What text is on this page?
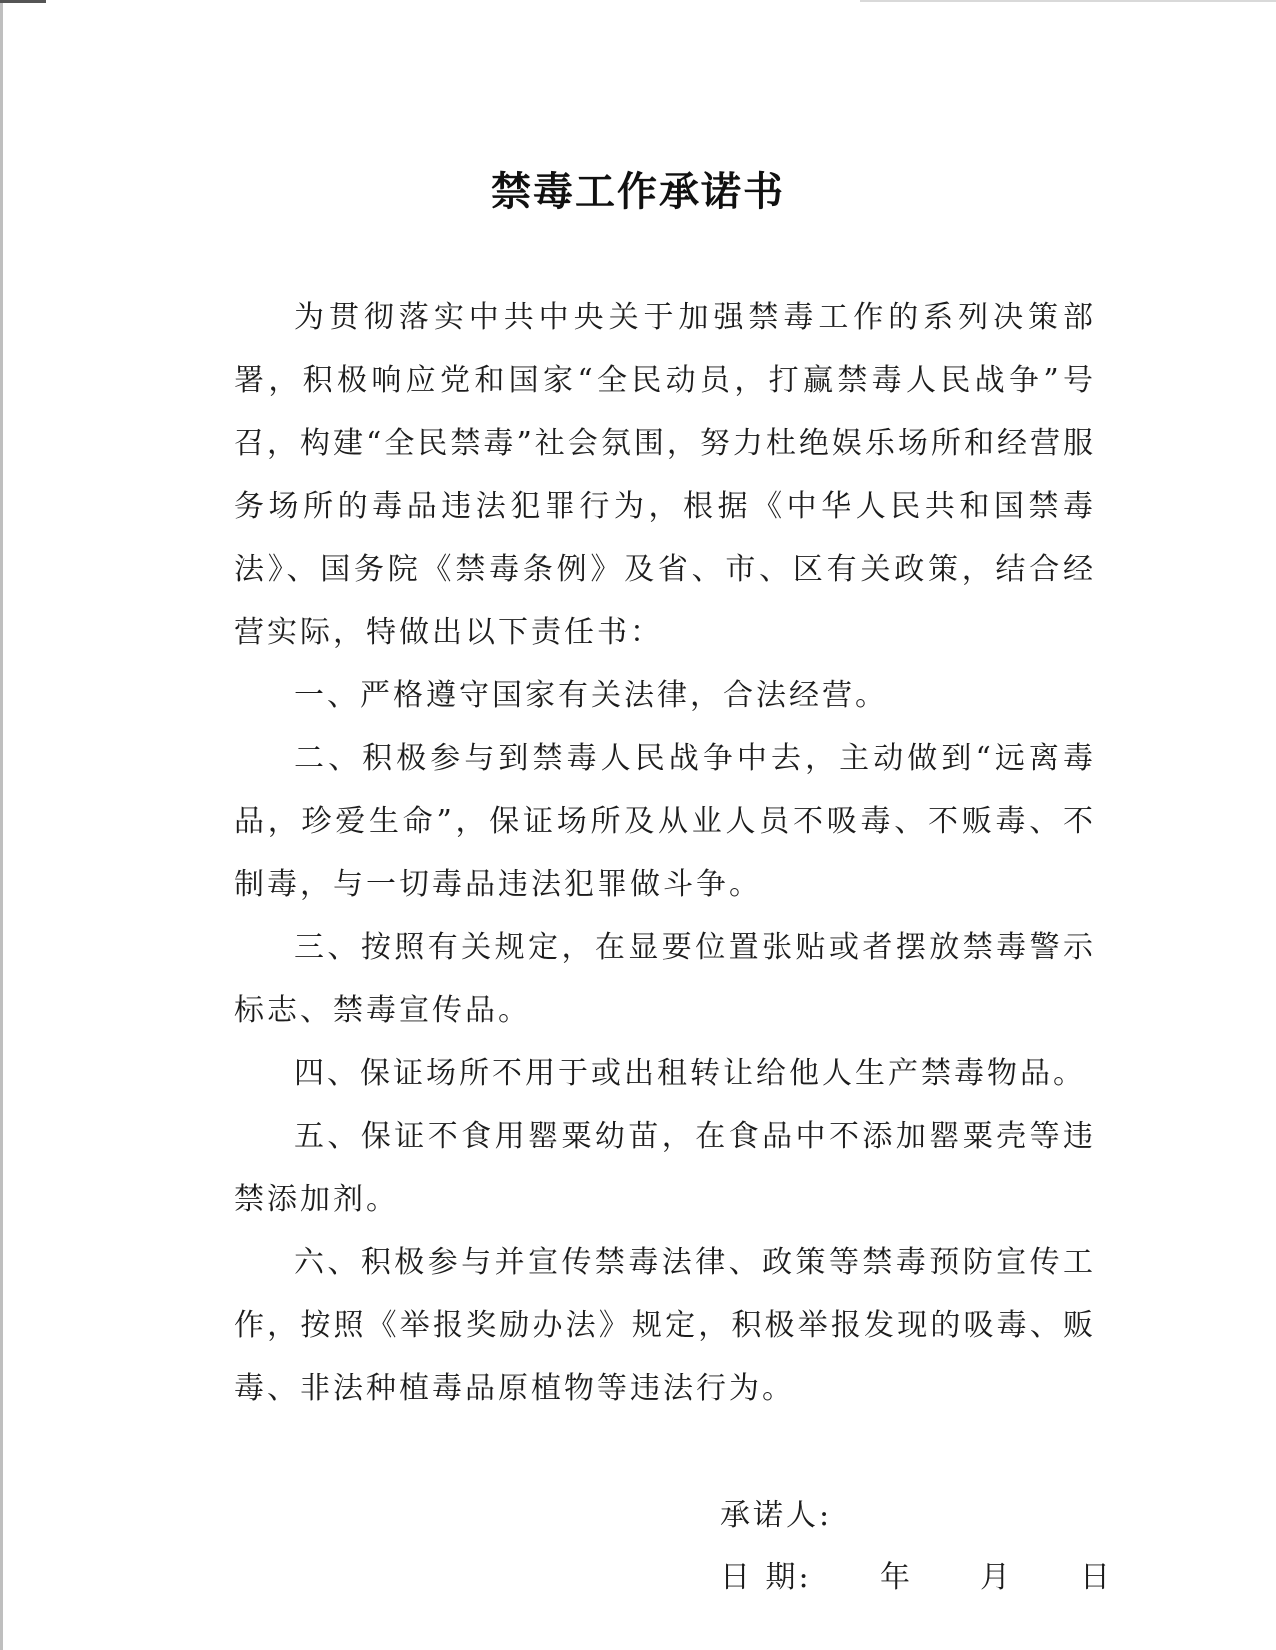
禁毒工作承诺书

为贯彻落实中共中央关于加强禁毒工作的系列决策部署，积极响应党和国家“全民动员，打赢禁毒人民战争”号召，构建“全民禁毒”社会氛围，努力杜绝娱乐场所和经营服务场所的毒品违法犯罪行为，根据《中华人民共和国禁毒法》、国务院《禁毒条例》及省、市、区有关政策，结合经营实际，特做出以下责任书：

一、严格遵守国家有关法律，合法经营。

二、积极参与到禁毒人民战争中去，主动做到“远离毒品，珍爱生命”，保证场所及从业人员不吸毒、不贩毒、不制毒，与一切毒品违法犯罪做斗争。

三、按照有关规定，在显要位置张贴或者摆放禁毒警示标志、禁毒宣传品。

四、保证场所不用于或出租转让给他人生产禁毒物品。

五、保证不食用罂粟幼苗，在食品中不添加罂粟壳等违禁添加剂。

六、积极参与并宣传禁毒法律、政策等禁毒预防宣传工作，按照《举报奖励办法》规定，积极举报发现的吸毒、贩毒、非法种植毒品原植物等违法行为。

承诺人:
日 期:	年	月	日
